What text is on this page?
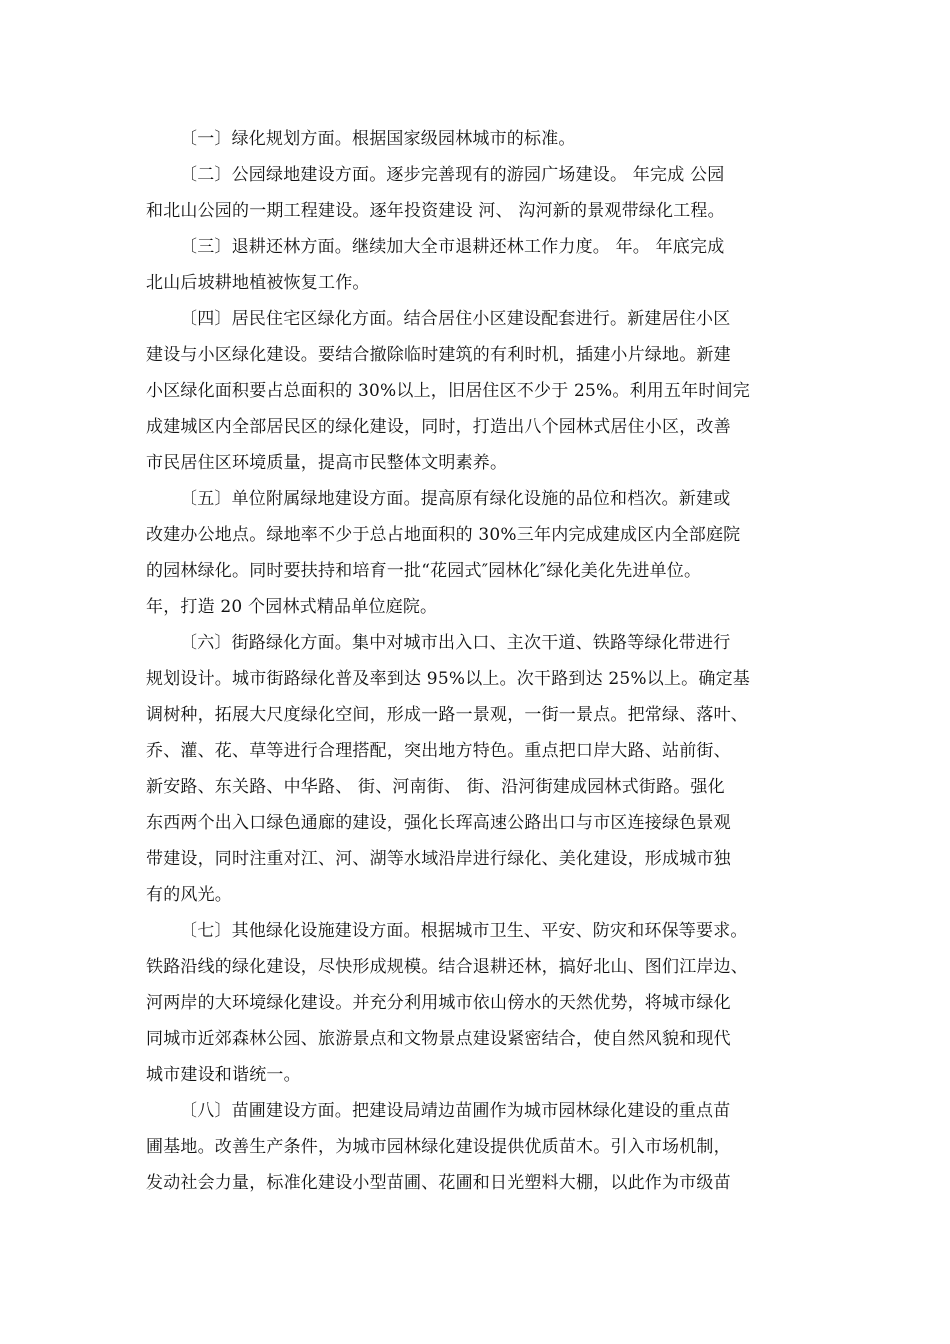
〔一〕绿化规划方面。根据国家级园林城市的标准。
〔二〕公园绿地建设方面。逐步完善现有的游园广场建设。 年完成 公园
和北山公园的一期工程建设。逐年投资建设 河、 沟河新的景观带绿化工程。
〔三〕退耕还林方面。继续加大全市退耕还林工作力度。 年。 年底完成
北山后坡耕地植被恢复工作。
〔四〕居民住宅区绿化方面。结合居住小区建设配套进行。新建居住小区
建设与小区绿化建设。要结合撤除临时建筑的有利时机，插建小片绿地。新建
小区绿化面积要占总面积的 30%以上，旧居住区不少于 25%。利用五年时间完
成建城区内全部居民区的绿化建设，同时，打造出八个园林式居住小区，改善
市民居住区环境质量，提高市民整体文明素养。
〔五〕单位附属绿地建设方面。提高原有绿化设施的品位和档次。新建或
改建办公地点。绿地率不少于总占地面积的 30%三年内完成建成区内全部庭院
的园林绿化。同时要扶持和培育一批“花园式″园林化″绿化美化先进单位。
年，打造 20 个园林式精品单位庭院。
〔六〕街路绿化方面。集中对城市出入口、主次干道、铁路等绿化带进行
规划设计。城市街路绿化普及率到达 95%以上。次干路到达 25%以上。确定基
调树种，拓展大尺度绿化空间，形成一路一景观，一街一景点。把常绿、落叶、
乔、灌、花、草等进行合理搭配，突出地方特色。重点把口岸大路、站前街、
新安路、东关路、中华路、 街、河南街、 街、沿河街建成园林式街路。强化
东西两个出入口绿色通廊的建设，强化长珲高速公路出口与市区连接绿色景观
带建设，同时注重对江、河、湖等水域沿岸进行绿化、美化建设，形成城市独
有的风光。
〔七〕其他绿化设施建设方面。根据城市卫生、平安、防灾和环保等要求。
铁路沿线的绿化建设，尽快形成规模。结合退耕还林，搞好北山、图们江岸边、
河两岸的大环境绿化建设。并充分利用城市依山傍水的天然优势，将城市绿化
同城市近郊森林公园、旅游景点和文物景点建设紧密结合，使自然风貌和现代
城市建设和谐统一。
〔八〕苗圃建设方面。把建设局靖边苗圃作为城市园林绿化建设的重点苗
圃基地。改善生产条件，为城市园林绿化建设提供优质苗木。引入市场机制，
发动社会力量，标准化建设小型苗圃、花圃和日光塑料大棚，以此作为市级苗
